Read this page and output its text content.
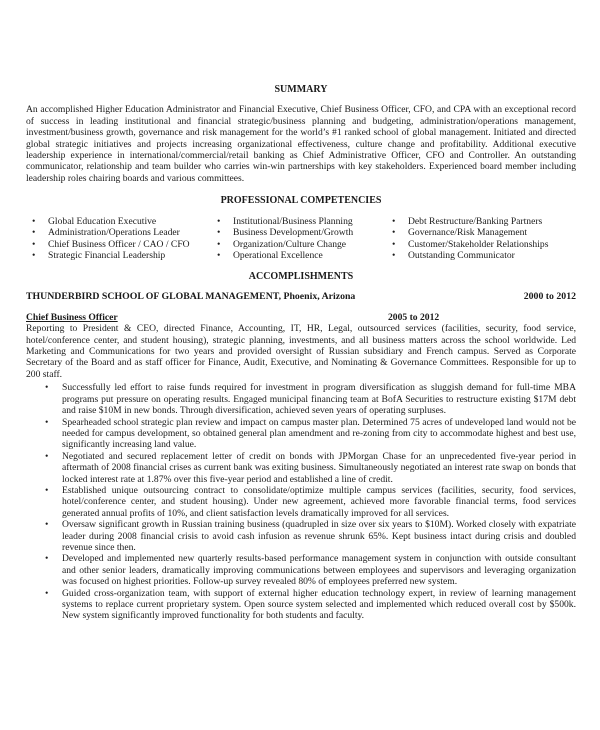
SUMMARY

An accomplished Higher Education Administrator and Financial Executive, Chief Business Officer, CFO, and CPA with an exceptional record of success in leading institutional and financial strategic/business planning and budgeting, administration/operations management, investment/business growth, governance and risk management for the world’s #1 ranked school of global management. Initiated and directed global strategic initiatives and projects increasing organizational effectiveness, culture change and profitability. Additional executive leadership experience in international/commercial/retail banking as Chief Administrative Officer, CFO and Controller. An outstanding communicator, relationship and team builder who carries win-win partnerships with key stakeholders. Experienced board member including leadership roles chairing boards and various committees.

PROFESSIONAL COMPETENCIES
• Global Education Executive
• Administration/Operations Leader
• Chief Business Officer / CAO / CFO
• Strategic Financial Leadership
• Institutional/Business Planning
• Business Development/Growth
• Organization/Culture Change
• Operational Excellence
• Debt Restructure/Banking Partners
• Governance/Risk Management
• Customer/Stakeholder Relationships
• Outstanding Communicator
ACCOMPLISHMENTS
THUNDERBIRD SCHOOL OF GLOBAL MANAGEMENT, Phoenix, Arizona	2000 to 2012
Chief Business Officer	2005 to 2012

Reporting to President & CEO, directed Finance, Accounting, IT, HR, Legal, outsourced services (facilities, security, food service, hotel/conference center, and student housing), strategic planning, investments, and all business matters across the school worldwide. Led Marketing and Communications for two years and provided oversight of Russian subsidiary and French campus. Served as Corporate Secretary of the Board and as staff officer for Finance, Audit, Executive, and Nominating & Governance Committees. Responsible for up to 200 staff.

• Successfully led effort to raise funds required for investment in program diversification as sluggish demand for full-time MBA programs put pressure on operating results. Engaged municipal financing team at BofA Securities to restructure existing $17M debt and raise $10M in new bonds. Through diversification, achieved seven years of operating surpluses.
• Spearheaded school strategic plan review and impact on campus master plan. Determined 75 acres of undeveloped land would not be needed for campus development, so obtained general plan amendment and re-zoning from city to accommodate highest and best use, significantly increasing land value.
• Negotiated and secured replacement letter of credit on bonds with JPMorgan Chase for an unprecedented five-year period in aftermath of 2008 financial crises as current bank was exiting business. Simultaneously negotiated an interest rate swap on bonds that locked interest rate at 1.87% over this five-year period and established a line of credit.
• Established unique outsourcing contract to consolidate/optimize multiple campus services (facilities, security, food services, hotel/conference center, and student housing). Under new agreement, achieved more favorable financial terms, food services generated annual profits of 10%, and client satisfaction levels dramatically improved for all services.
• Oversaw significant growth in Russian training business (quadrupled in size over six years to $10M). Worked closely with expatriate leader during 2008 financial crisis to avoid cash infusion as revenue shrunk 65%. Kept business intact during crisis and doubled revenue since then.
• Developed and implemented new quarterly results-based performance management system in conjunction with outside consultant and other senior leaders, dramatically improving communications between employees and supervisors and leveraging organization was focused on highest priorities. Follow-up survey revealed 80% of employees preferred new system.
• Guided cross-organization team, with support of external higher education technology expert, in review of learning management systems to replace current proprietary system. Open source system selected and implemented which reduced overall cost by $500k. New system significantly improved functionality for both students and faculty.
